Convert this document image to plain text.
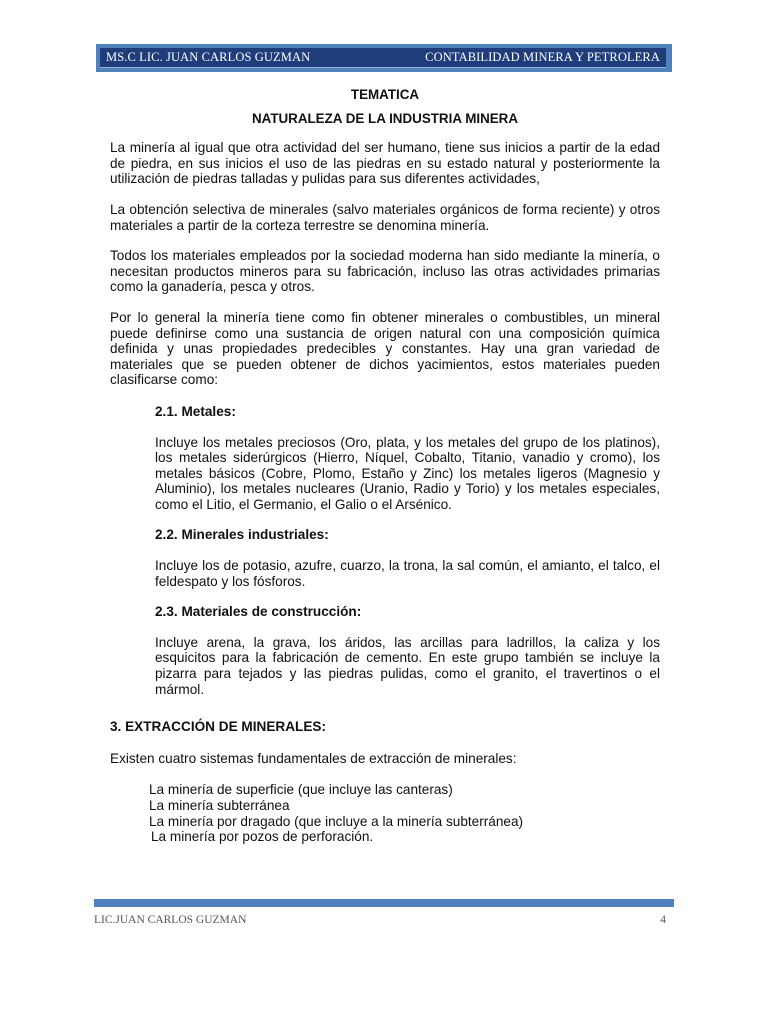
MS.C LIC. JUAN CARLOS GUZMAN	CONTABILIDAD MINERA Y PETROLERA
TEMATICA
NATURALEZA DE LA INDUSTRIA MINERA

La minería al igual que otra actividad del ser humano, tiene sus inicios a partir de la edad de piedra, en sus inicios el uso de las piedras en su estado natural y posteriormente la utilización de piedras talladas y pulidas para sus diferentes actividades,

La obtención selectiva de minerales (salvo materiales orgánicos de forma reciente) y otros materiales a partir de la corteza terrestre se denomina minería.

Todos los materiales empleados por la sociedad moderna han sido mediante la minería, o necesitan productos mineros para su fabricación, incluso las otras actividades primarias como la ganadería, pesca y otros.

Por lo general la minería tiene como fin obtener minerales o combustibles, un mineral puede definirse como una sustancia de origen natural con una composición química definida y unas propiedades predecibles y constantes. Hay una gran variedad de materiales que se pueden obtener de dichos yacimientos, estos materiales pueden clasificarse como:

2.1. Metales:

Incluye los metales preciosos (Oro, plata, y los metales del grupo de los platinos), los metales siderúrgicos (Hierro, Níquel, Cobalto, Titanio, vanadio y cromo), los metales básicos (Cobre, Plomo, Estaño y Zinc) los metales ligeros (Magnesio y Aluminio), los metales nucleares (Uranio, Radio y Torio) y los metales especiales, como el Litio, el Germanio, el Galio o el Arsénico.

2.2. Minerales industriales:

Incluye los de potasio, azufre, cuarzo, la trona, la sal común, el amianto, el talco, el feldespato y los fósforos.

2.3. Materiales de construcción:

Incluye arena, la grava, los áridos, las arcillas para ladrillos, la caliza y los esquicitos para la fabricación de cemento. En este grupo también se incluye la pizarra para tejados y las piedras pulidas, como el granito, el travertinos o el mármol.

3. EXTRACCIÓN DE MINERALES:

Existen cuatro sistemas fundamentales de extracción de minerales:

La minería de superficie (que incluye las canteras)
La minería subterránea
La minería por dragado (que incluye a la minería subterránea)
La minería por pozos de perforación.
LIC.JUAN CARLOS GUZMAN	4
